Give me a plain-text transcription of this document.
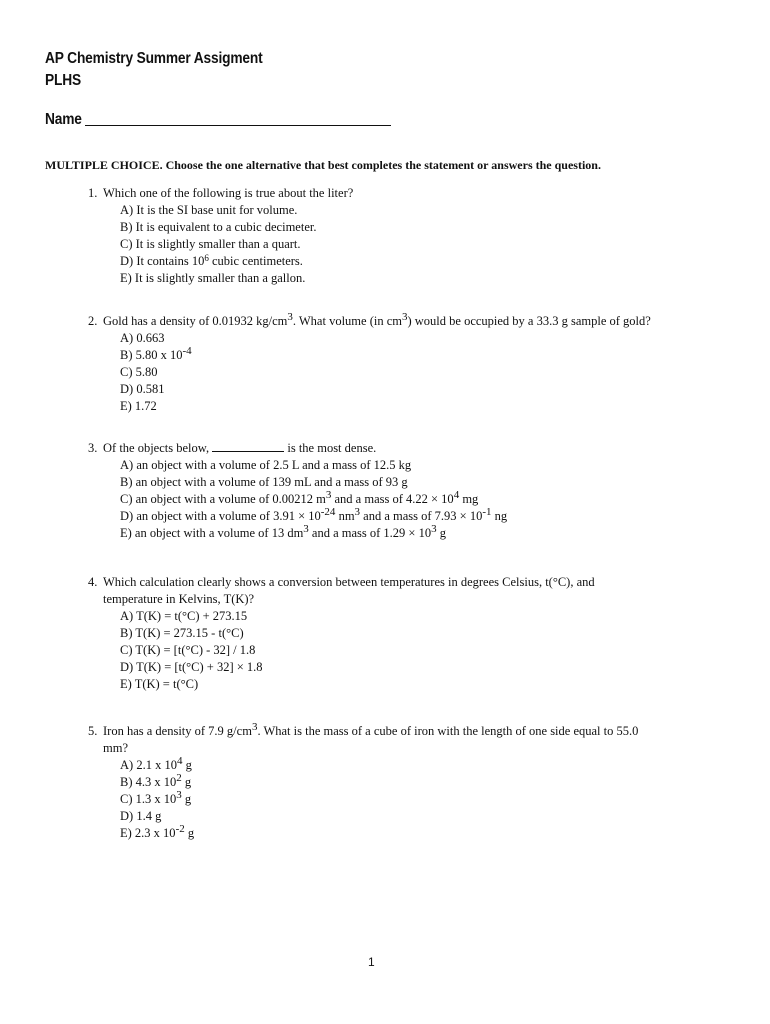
AP Chemistry Summer Assigment
PLHS
Name
MULTIPLE CHOICE. Choose the one alternative that best completes the statement or answers the question.
1. Which one of the following is true about the liter?
A) It is the SI base unit for volume.
B) It is equivalent to a cubic decimeter.
C) It is slightly smaller than a quart.
D) It contains $10^6$ cubic centimeters.
E) It is slightly smaller than a gallon.
2. Gold has a density of 0.01932 $kg/cm^3$. What volume (in $cm^3$) would be occupied by a 33.3 g sample of gold?
A) 0.663
B) 5.80 x $10^{-4}$
C) 5.80
D) 0.581
E) 1.72
3. Of the objects below,	is the most dense.
A) an object with a volume of 2.5 L and a mass of 12.5 kg
B) an object with a volume of 139 mL and a mass of 93 g
C) an object with a volume of 0.00212 $m^3$ and a mass of $4.22 \times 10^4$ mg
D) an object with a volume of $3.91 \times 10^{-24}$ $nm^3$ and a mass of $7.93 \times 10^{-1}$ ng
E) an object with a volume of 13 $dm^3$ and a mass of $1.29 \times 10^3$ g
4. Which calculation clearly shows a conversion between temperatures in degrees Celsius, t(°C), and
temperature in Kelvins, T(K)?
A) T(K) = t(°C) + 273.15
B) T(K) = 273.15 - t(°C)
C) T(K) = [t(°C) - 32] / 1.8
D) T(K) = [t(°C) + 32] × 1.8
E) T(K) = t(°C)
5. Iron has a density of 7.9 $g/cm^3$. What is the mass of a cube of iron with the length of one side equal to 55.0
mm?
A) 2.1 x $10^4$ g
B) 4.3 x $10^2$ g
C) 1.3 x $10^3$ g
D) 1.4 g
E) 2.3 x $10^{-2}$ g
1
